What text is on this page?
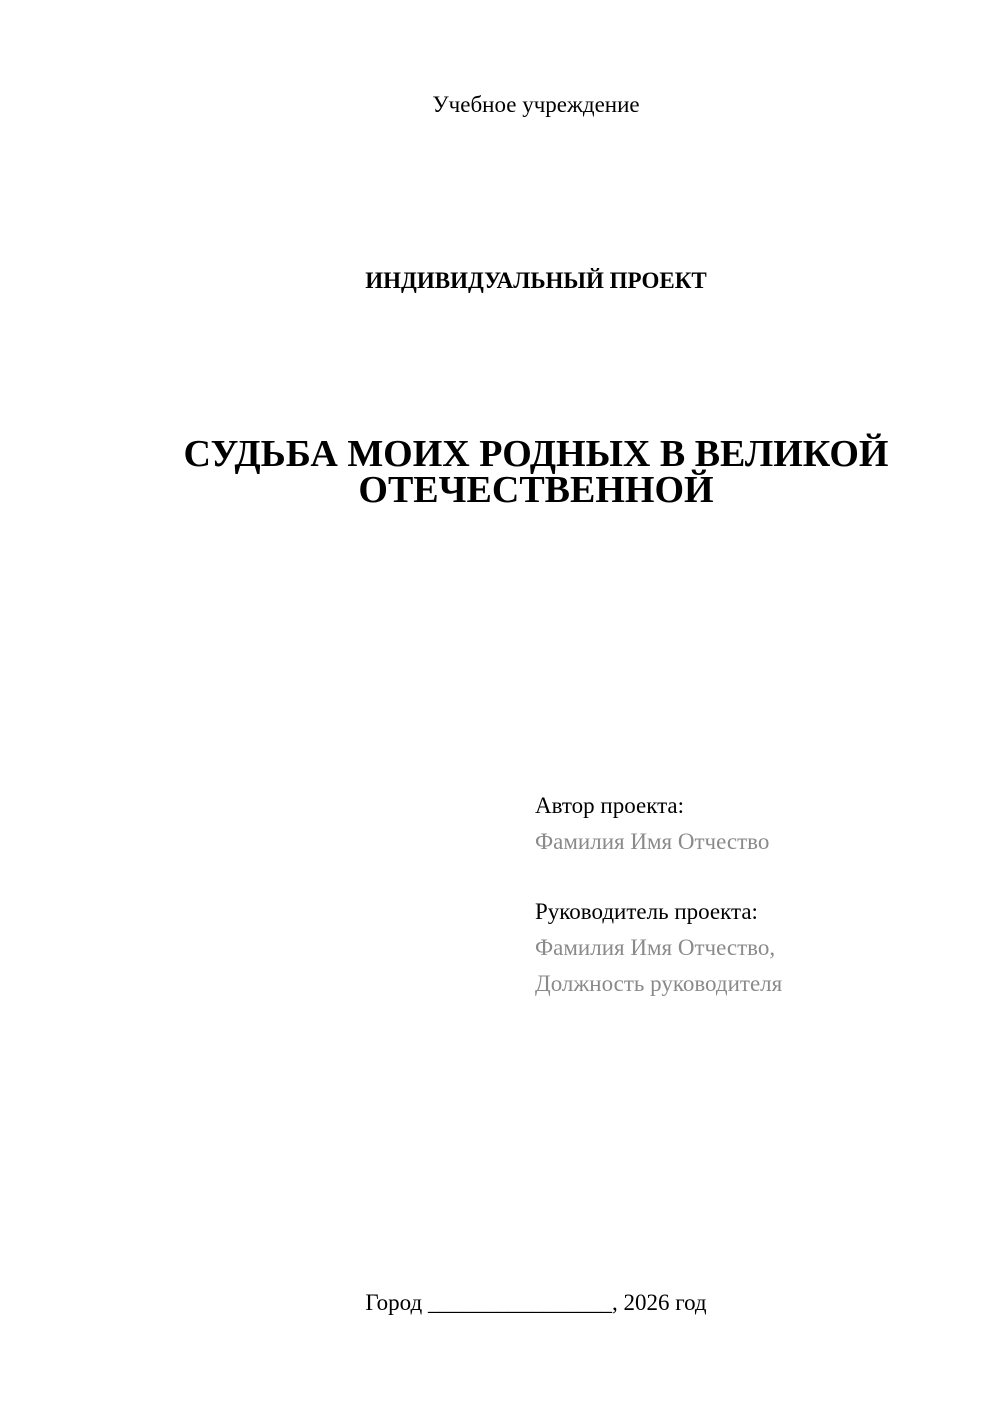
Учебное учреждение
ИНДИВИДУАЛЬНЫЙ ПРОЕКТ
СУДЬБА МОИХ РОДНЫХ В ВЕЛИКОЙ
ОТЕЧЕСТВЕННОЙ
Автор проекта:
Фамилия Имя Отчество
Руководитель проекта:
Фамилия Имя Отчество,
Должность руководителя
Город ________________, 2026 год
